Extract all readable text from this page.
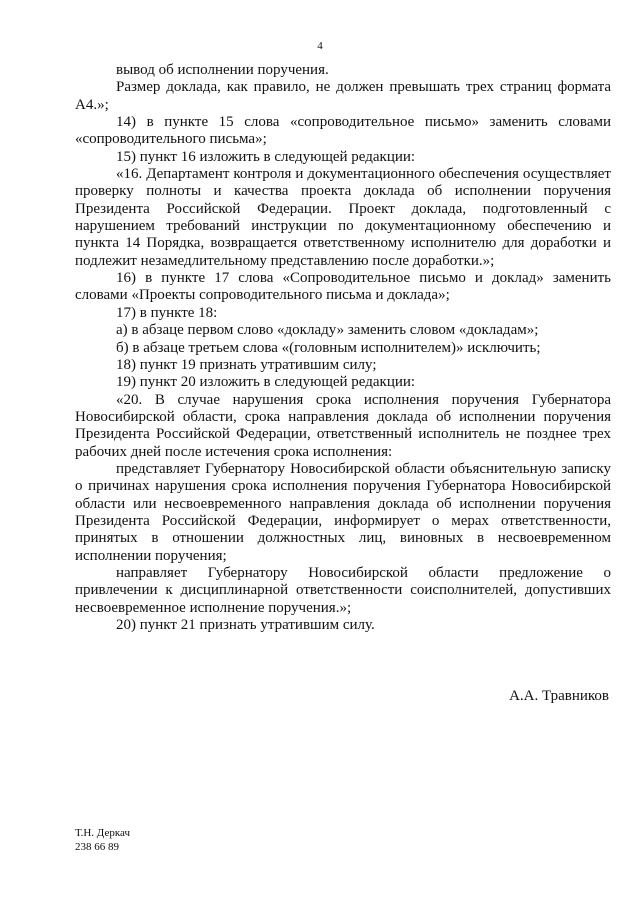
4

вывод об исполнении поручения.

Размер доклада, как правило, не должен превышать трех страниц формата А4.»;

14) в пункте 15 слова «сопроводительное письмо» заменить словами «сопроводительного письма»;

15) пункт 16 изложить в следующей редакции:

«16. Департамент контроля и документационного обеспечения осуществляет проверку полноты и качества проекта доклада об исполнении поручения Президента Российской Федерации. Проект доклада, подготовленный с нарушением требований инструкции по документационному обеспечению и пункта 14 Порядка, возвращается ответственному исполнителю для доработки и подлежит незамедлительному представлению после доработки.»;

16) в пункте 17 слова «Сопроводительное письмо и доклад» заменить словами «Проекты сопроводительного письма и доклада»;

17) в пункте 18:

а) в абзаце первом слово «докладу» заменить словом «докладам»;

б) в абзаце третьем слова «(головным исполнителем)» исключить;

18) пункт 19 признать утратившим силу;

19) пункт 20 изложить в следующей редакции:

«20. В случае нарушения срока исполнения поручения Губернатора Новосибирской области, срока направления доклада об исполнении поручения Президента Российской Федерации, ответственный исполнитель не позднее трех рабочих дней после истечения срока исполнения:

представляет Губернатору Новосибирской области объяснительную записку о причинах нарушения срока исполнения поручения Губернатора Новосибирской области или несвоевременного направления доклада об исполнении поручения Президента Российской Федерации, информирует о мерах ответственности, принятых в отношении должностных лиц, виновных в несвоевременном исполнении поручения;

направляет Губернатору Новосибирской области предложение о привлечении к дисциплинарной ответственности соисполнителей, допустивших несвоевременное исполнение поручения.»;

20) пункт 21 признать утратившим силу.

А.А. Травников
Т.Н. Деркач
238 66 89
